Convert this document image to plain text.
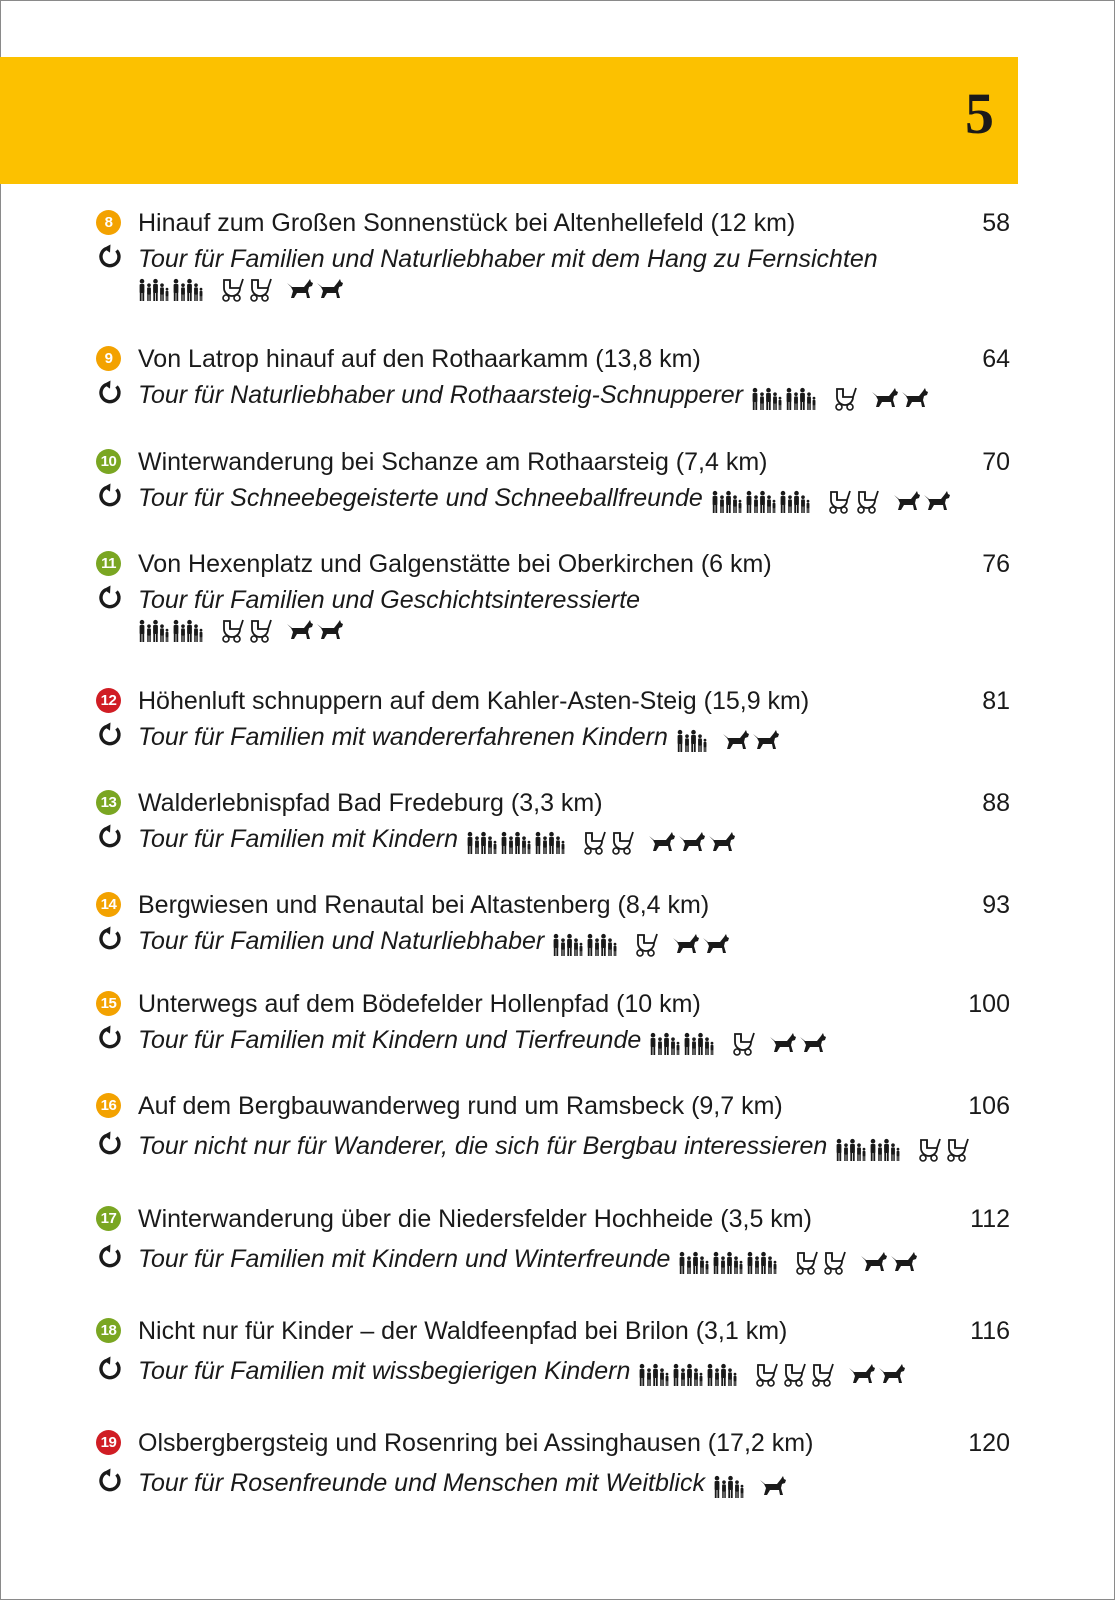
5
8	Hinauf zum Großen Sonnenstück bei Altenhellefeld (12 km)	58
Tour für Familien und Naturliebhaber mit dem Hang zu Fernsichten
9	Von Latrop hinauf auf den Rothaarkamm (13,8 km)	64
Tour für Naturliebhaber und Rothaarsteig-Schnupperer
10 Winterwanderung bei Schanze am Rothaarsteig (7,4 km)	70
Tour für Schneebegeisterte und Schneeballfreunde
11 Von Hexenplatz und Galgenstätte bei Oberkirchen (6 km)	76
Tour für Familien und Geschichtsinteressierte
12 Höhenluft schnuppern auf dem Kahler-Asten-Steig (15,9 km)	81
Tour für Familien mit wandererfahrenen Kindern
13 Walderlebnispfad Bad Fredeburg (3,3 km)	88
Tour für Familien mit Kindern
14 Bergwiesen und Renautal bei Altastenberg (8,4 km)	93
Tour für Familien und Naturliebhaber
15 Unterwegs auf dem Bödefelder Hollenpfad (10 km)	100
Tour für Familien mit Kindern und Tierfreunde
16 Auf dem Bergbauwanderweg rund um Ramsbeck (9,7 km)	106
Tour nicht nur für Wanderer, die sich für Bergbau interessieren
17 Winterwanderung über die Niedersfelder Hochheide (3,5 km)	112
Tour für Familien mit Kindern und Winterfreunde
18 Nicht nur für Kinder – der Waldfeenpfad bei Brilon (3,1 km)	116
Tour für Familien mit wissbegierigen Kindern
19 Olsbergbergsteig und Rosenring bei Assinghausen (17,2 km)	120
Tour für Rosenfreunde und Menschen mit Weitblick
